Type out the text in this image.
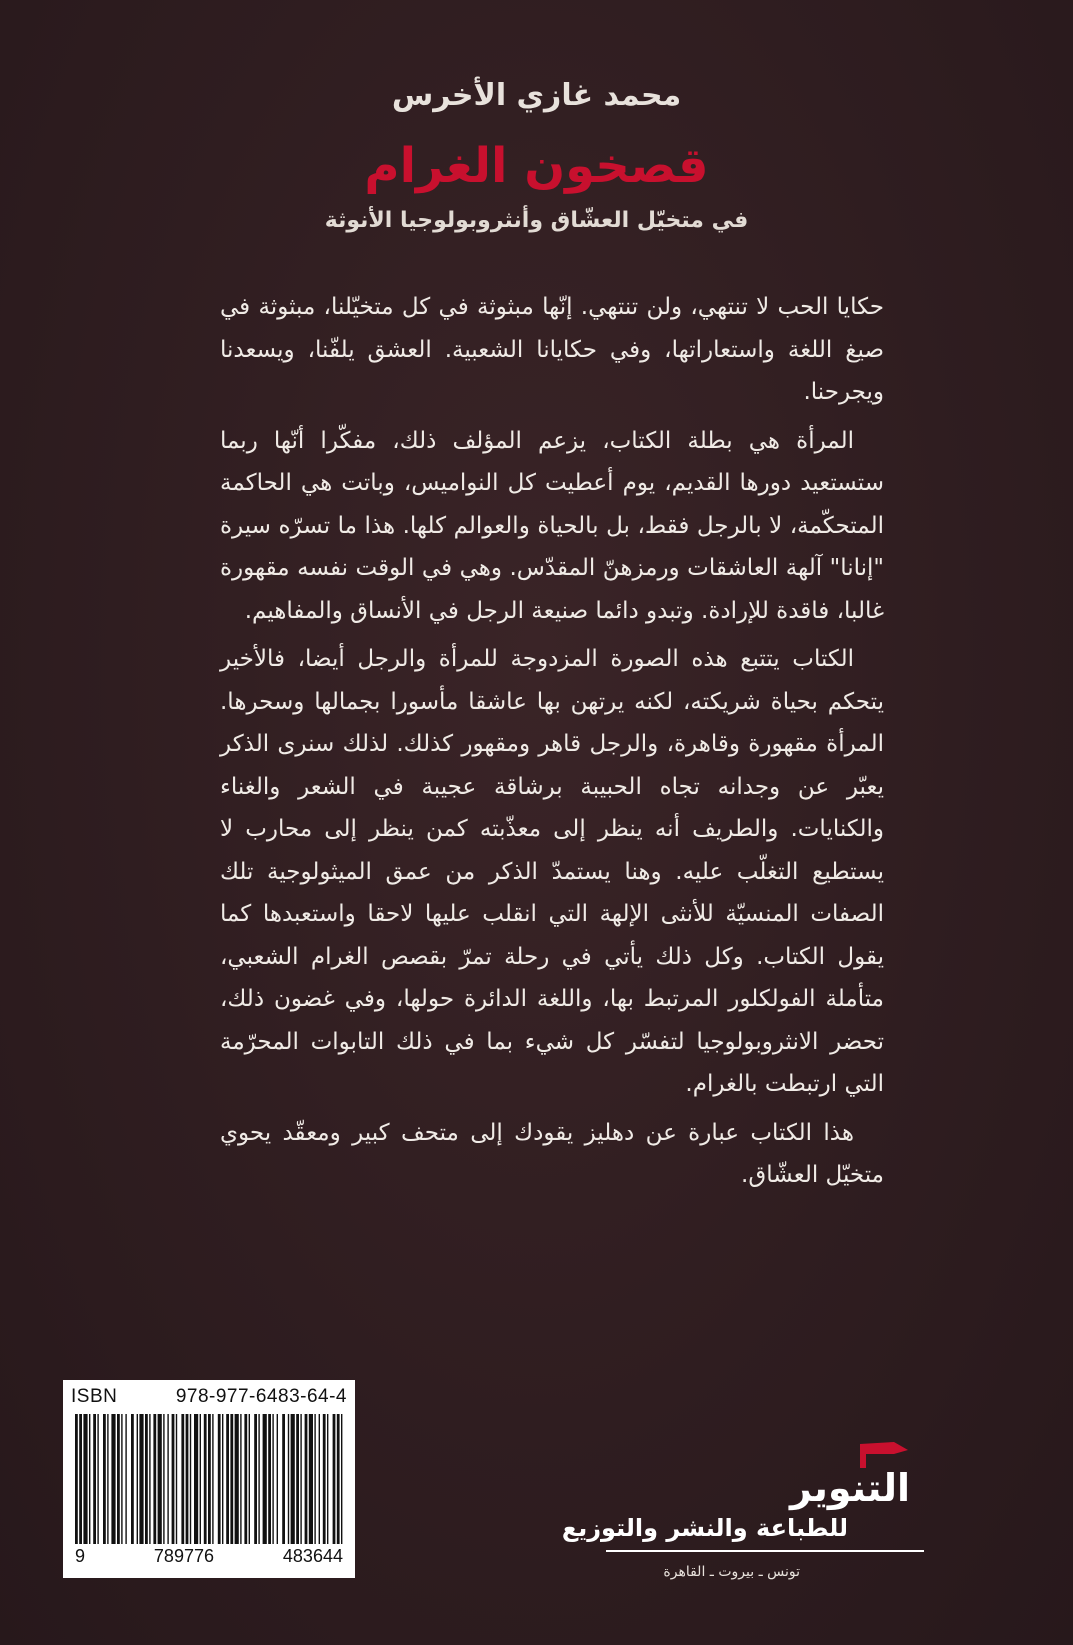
محمد غازي الأخرس
قصخون الغرام
في متخيّل العشّاق وأنثروبولوجيا الأنوثة

حكايا الحب لا تنتهي، ولن تنتهي. إنّها مبثوثة في كل متخيّلنا، مبثوثة في صيغ اللغة واستعاراتها، وفي حكايانا الشعبية. العشق يلفّنا، ويسعدنا ويجرحنا.

المرأة هي بطلة الكتاب، يزعم المؤلف ذلك، مفكّرا أنّها ربما ستستعيد دورها القديم، يوم أعطيت كل النواميس، وباتت هي الحاكمة المتحكّمة، لا بالرجل فقط، بل بالحياة والعوالم كلها. هذا ما تسرّه سيرة "إنانا" آلهة العاشقات ورمزهنّ المقدّس. وهي في الوقت نفسه مقهورة غالبا، فاقدة للإرادة. وتبدو دائما صنيعة الرجل في الأنساق والمفاهيم.

الكتاب يتتبع هذه الصورة المزدوجة للمرأة والرجل أيضا، فالأخير يتحكم بحياة شريكته، لكنه يرتهن بها عاشقا مأسورا بجمالها وسحرها. المرأة مقهورة وقاهرة، والرجل قاهر ومقهور كذلك. لذلك سنرى الذكر يعبّر عن وجدانه تجاه الحبيبة برشاقة عجيبة في الشعر والغناء والكنايات. والطريف أنه ينظر إلى معذّبته كمن ينظر إلى محارب لا يستطيع التغلّب عليه. وهنا يستمدّ الذكر من عمق الميثولوجية تلك الصفات المنسيّة للأنثى الإلهة التي انقلب عليها لاحقا واستعبدها كما يقول الكتاب. وكل ذلك يأتي في رحلة تمرّ بقصص الغرام الشعبي، متأملة الفولكلور المرتبط بها، واللغة الدائرة حولها، وفي غضون ذلك، تحضر الانثروبولوجيا لتفسّر كل شيء بما في ذلك التابوات المحرّمة التي ارتبطت بالغرام.

هذا الكتاب عبارة عن دهليز يقودك إلى متحف كبير ومعقّد يحوي متخيّل العشّاق.

ISBN	978-977-6483-64-4
9	789776	483644
التنوير
للطباعة والنشر والتوزيع
تونس ـ بيروت ـ القاهرة
